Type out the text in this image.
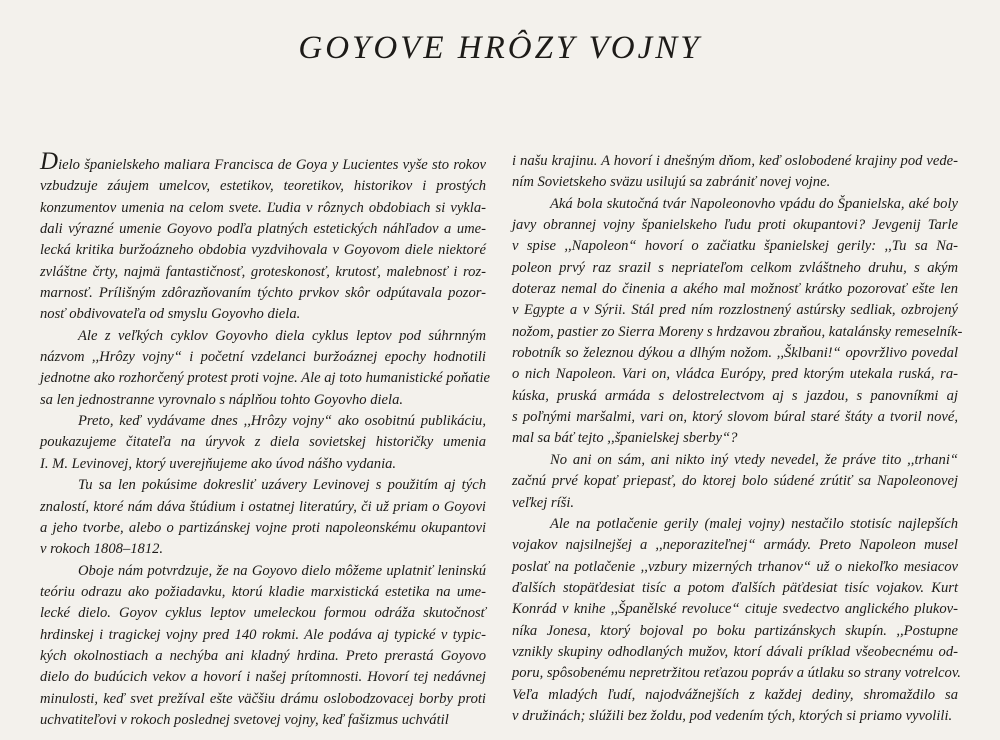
GOYOVE HRÔZY VOJNY

Dielo španielskeho maliara Francisca de Goya y Lucientes vyše sto rokov
vzbudzuje záujem umelcov, estetikov, teoretikov, historikov i prostých
konzumentov umenia na celom svete. Ľudia v rôznych obdobiach si vykla-
dali výrazné umenie Goyovo podľa platných estetických náhľadov a ume-
lecká kritika buržoázneho obdobia vyzdvihovala v Goyovom diele niektoré
zvláštne črty, najmä fantastičnosť, groteskonosť, krutosť, malebnosť i roz-
marnosť. Prílišným zdôrazňovaním týchto prvkov skôr odpútavala pozor-
nosť obdivovateľa od smyslu Goyovho diela.

Ale z veľkých cyklov Goyovho diela cyklus leptov pod súhrnným
názvom ,,Hrôzy vojny“ i početní vzdelanci buržoáznej epochy hodnotili
jednotne ako rozhorčený protest proti vojne. Ale aj toto humanistické poňatie
sa len jednostranne vyrovnalo s náplňou tohto Goyovho diela.

Preto, keď vydávame dnes ,,Hrôzy vojny“ ako osobitnú publikáciu,
poukazujeme čitateľa na úryvok z diela sovietskej historičky umenia
I. M. Levinovej, ktorý uverejňujeme ako úvod nášho vydania.

Tu sa len pokúsime dokresliť uzávery Levinovej s použitím aj tých
znalostí, ktoré nám dáva štúdium i ostatnej literatúry, či už priam o Goyovi
a jeho tvorbe, alebo o partizánskej vojne proti napoleonskému okupantovi
v rokoch 1808–1812.

Oboje nám potvrdzuje, že na Goyovo dielo môžeme uplatniť leninskú
teóriu odrazu ako požiadavku, ktorú kladie marxistická estetika na ume-
lecké dielo. Goyov cyklus leptov umeleckou formou odráža skutočnosť
hrdinskej i tragickej vojny pred 140 rokmi. Ale podáva aj typické v typic-
kých okolnostiach a nechýba ani kladný hrdina. Preto prerastá Goyovo
dielo do budúcich vekov a hovorí i našej prítomnosti. Hovorí tej nedávnej
minulosti, keď svet prežíval ešte väčšiu drámu oslobodzovacej borby proti
uchvatiteľovi v rokoch poslednej svetovej vojny, keď fašizmus uchvátil

i našu krajinu. A hovorí i dnešným dňom, keď oslobodené krajiny pod vede-
ním Sovietskeho sväzu usilujú sa zabrániť novej vojne.

Aká bola skutočná tvár Napoleonovho vpádu do Španielska, aké boly
javy obrannej vojny španielskeho ľudu proti okupantovi? Jevgenij Tarle
v spise ,,Napoleon“ hovorí o začiatku španielskej gerily: ,,Tu sa Na-
poleon prvý raz srazil s nepriateľom celkom zvláštneho druhu, s akým
doteraz nemal do činenia a akého mal možnosť krátko pozorovať ešte len
v Egypte a v Sýrii. Stál pred ním rozzlostnený astúrsky sedliak, ozbrojený
nožom, pastier zo Sierra Moreny s hrdzavou zbraňou, katalánsky remeselník-
robotník so železnou dýkou a dlhým nožom. ,,Šklbani!“ opovržlivo povedal
o nich Napoleon. Vari on, vládca Európy, pred ktorým utekala ruská, ra-
kúska, pruská armáda s delostrelectvom aj s jazdou, s panovníkmi aj
s poľnými maršalmi, vari on, ktorý slovom búral staré štáty a tvoril nové,
mal sa báť tejto ,,španielskej sberby“?

No ani on sám, ani nikto iný vtedy nevedel, že práve tito ,,trhani“
začnú prvé kopať priepasť, do ktorej bolo súdené zrútiť sa Napoleonovej
veľkej ríši.

Ale na potlačenie gerily (malej vojny) nestačilo stotisíc najlepších
vojakov najsilnejšej a ,,neporaziteľnej“ armády. Preto Napoleon musel
poslať na potlačenie ,,vzbury mizerných trhanov“ už o niekoľko mesiacov
ďalších stopäťdesiat tisíc a potom ďalších päťdesiat tisíc vojakov. Kurt
Konrád v knihe ,,Španělské revoluce“ cituje svedectvo anglického plukov-
níka Jonesa, ktorý bojoval po boku partizánskych skupín. ,,Postupne
vznikly skupiny odhodlaných mužov, ktorí dávali príklad všeobecnému od-
poru, spôsobenému nepretržitou reťazou popráv a útlaku so strany votrelcov.
Veľa mladých ľudí, najodvážnejších z každej dediny, shromaždilo sa
v družinách; slúžili bez žoldu, pod vedením tých, ktorých si priamo vyvolili.
